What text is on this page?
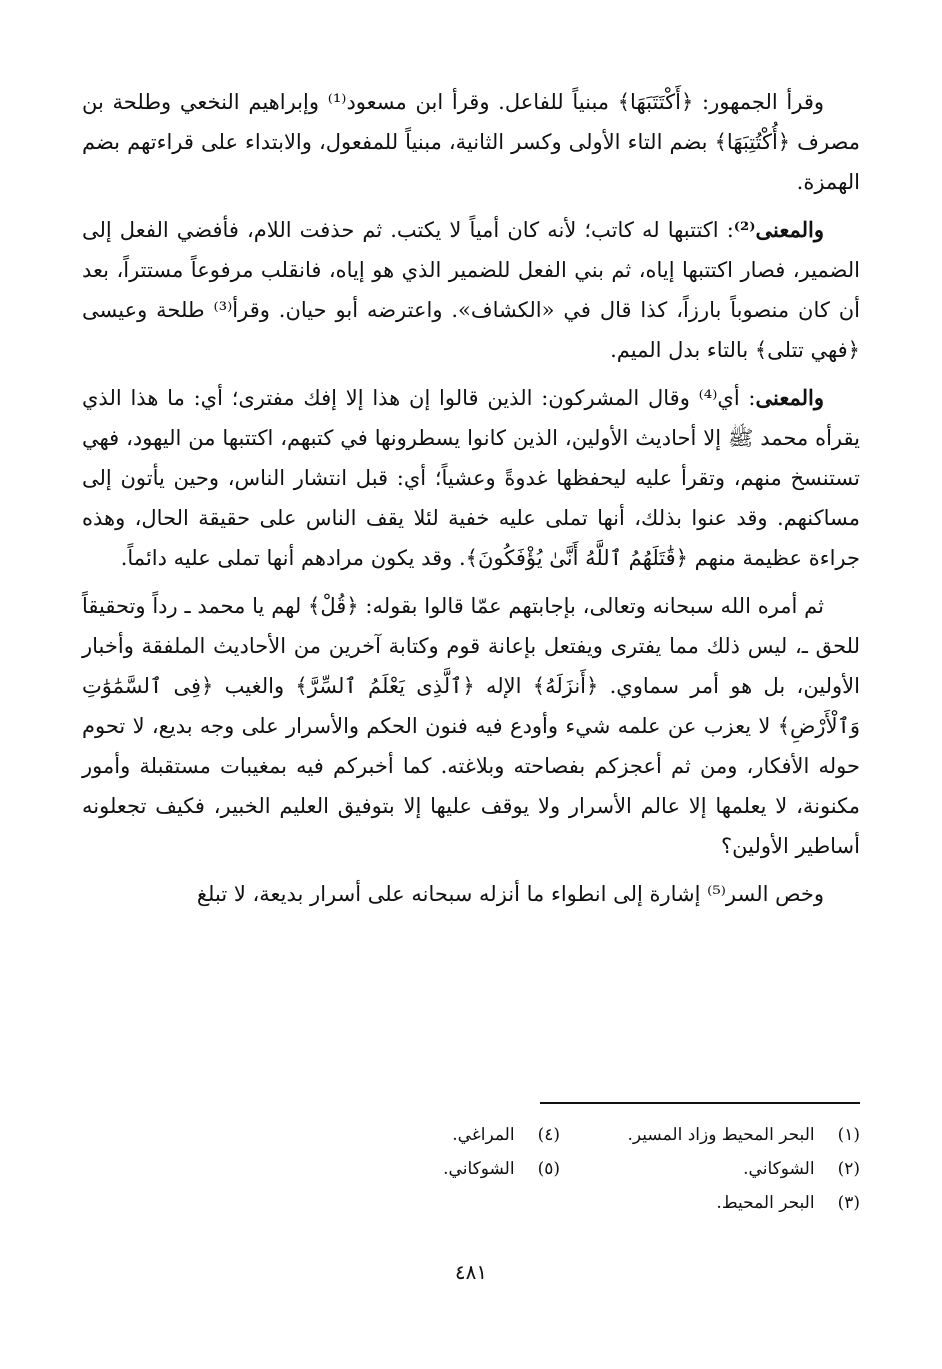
وقرأ الجمهور: ﴿أَكْتَتَبَهَا﴾ مبنياً للفاعل. وقرأ ابن مسعود⁽¹⁾ وإبراهيم النخعي وطلحة بن مصرف ﴿أُكْتُتِبَهَا﴾ بضم التاء الأولى وكسر الثانية، مبنياً للمفعول، والابتداء على قراءتهم بضم الهمزة.

والمعنى⁽²⁾: اكتتبها له كاتب؛ لأنه كان أمياً لا يكتب. ثم حذفت اللام، فأفضي الفعل إلى الضمير، فصار اكتتبها إياه، ثم بني الفعل للضمير الذي هو إياه، فانقلب مرفوعاً مستتراً، بعد أن كان منصوباً بارزاً، كذا قال في «الكشاف». واعترضه أبو حيان. وقرأ⁽³⁾ طلحة وعيسى ﴿فهي تتلى﴾ بالتاء بدل الميم.

والمعنى: أي⁽⁴⁾ وقال المشركون: الذين قالوا إن هذا إلا إفك مفترى؛ أي: ما هذا الذي يقرأه محمد ﷺ إلا أحاديث الأولين، الذين كانوا يسطرونها في كتبهم، اكتتبها من اليهود، فهي تستنسخ منهم، وتقرأ عليه ليحفظها غدوةً وعشياً؛ أي: قبل انتشار الناس، وحين يأتون إلى مساكنهم. وقد عنوا بذلك، أنها تملى عليه خفية لئلا يقف الناس على حقيقة الحال، وهذه جراءة عظيمة منهم ﴿قَٰتَلَهُمُ ٱللَّهُ أَنَّىٰ يُؤْفَكُونَ﴾. وقد يكون مرادهم أنها تملى عليه دائماً.

ثم أمره الله سبحانه وتعالى، بإجابتهم عمّا قالوا بقوله: ﴿قُلْ﴾ لهم يا محمد ـ رداً وتحقيقاً للحق ـ، ليس ذلك مما يفترى ويفتعل بإعانة قوم وكتابة آخرين من الأحاديث الملفقة وأخبار الأولين، بل هو أمر سماوي. ﴿أَنزَلَهُ﴾ الإله ﴿ٱلَّذِى يَعْلَمُ ٱلسِّرَّ﴾ والغيب ﴿فِى ٱلسَّمَٰوَٰتِ وَٱلْأَرْضِ﴾ لا يعزب عن علمه شيء وأودع فيه فنون الحكم والأسرار على وجه بديع، لا تحوم حوله الأفكار، ومن ثم أعجزكم بفصاحته وبلاغته. كما أخبركم فيه بمغيبات مستقبلة وأمور مكنونة، لا يعلمها إلا عالم الأسرار ولا يوقف عليها إلا بتوفيق العليم الخبير، فكيف تجعلونه أساطير الأولين؟

وخص السر⁽⁵⁾ إشارة إلى انطواء ما أنزله سبحانه على أسرار بديعة، لا تبلغ

(١) البحر المحيط وزاد المسير.
(٢) الشوكاني.
(٣) البحر المحيط.
(٤) المراغي.
(٥) الشوكاني.
٤٨١
